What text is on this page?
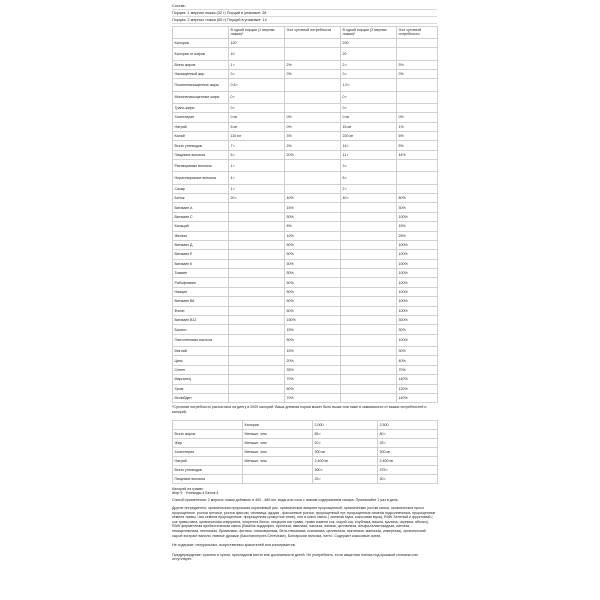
Состав:
Порция: 1 мерная ложка (32 г) Порций в упаковке: 28
Порция: 2 мерных ложки (65 г) Порций в упаковке: 14
	В одной порции (1 мерная ложка)*	%от суточной потребности	В одной порции (2 мерных ложки)*	%от суточной потребности
Калории	120		230	
Калории от жиров	10		20	
Всего жиров	1 г	2%	2 г	3%
Насыщенный жир	0 г	0%	0 г	0%
Полиненасыщенные жиры	0,5 г		1,5 г	
Мононенасыщенные жиры	0 г		0 г	
Транс-жиры	0 г		0 г	
Холестерин	0 мг	0%	0 мг	0%
Натрий	5 мг	0%	15 мг	1%
Калий	110 мг	3%	220 мг	6%
Всего углеводов	7 г	2%	14 г	5%
Пищевые волокна	5 г	20%	11 г	44%
Растворимые волокна	1 г		3 г	
Нерастворимые волокна	4 г		8 г	
Сахар	1 г		2 г	
Белок	20 г	40%	40 г	80%
Витамин А		15%		30%
Витамин С		50%		100%
Кальций		8%		15%
Железо		10%		25%
Витамин Д		50%		100%
Витамин Е		50%		100%
Витамин К		50%		100%
Тиамин		50%		100%
Рибофлавин		50%		100%
Ниацин		50%		100%
Витамин В6		50%		100%
Фолат		50%		100%
Витамин В12		150%		300%
Биотин		15%		30%
Пантотеновая кислота		50%		100%
Магний		15%		30%
Цинк		20%		40%
Селен		35%		70%
Марганец		70%		140%
Хром		60%		120%
Молибден		70%		140%
*Суточная потребность рассчитана на диету в 2000 калорий. Ваша дневная норма может быть выше или ниже в зависимости от ваших потребностей и калорий.
	Калории	2,000	2,500
Всего жиров	Меньше, чем	65 г	80 г
Жир	Меньше, чем	20 г	25 г
Холестерин	Меньше, чем	300 мг	300 мг
Натрий	Меньше, чем	2,400 мг	2,400 мг
Всего углеводов		300 г	375 г
Пищевые волокна		25 г	30 г
Калорий на грамм:
Жир 9 · Углеводы 4 Белок 4
Способ применения: 2 мерных ложки добавить в 400 - 480 мл. воды или сока с низким содержанием сахара. Принимайте 1 раз в день.
Другие ингредиенты: органическая проросшая коричневый рис, органические амарант пророщенный, органические ростки киноа, органическое просо пророщенное, ростки гречихи, ростки фасоли, чечевица, адзуки - фасолевые ростки, пророщенный нут, пророщенные семена подсолнечника, пророщенные семена тыквы, Чиа семена пророщенные, пророщенная кунжутное семя), лен и кокос смесь ( льняная мука, кокосовая мука), RAW Зеленый и фруктовый ( сок травы овса, органическая спирулина, хлорелла белок, люцерна сок травы, трава ячменя сок, сырой сок, клубника, вишня, малина, черника, яблоко), RAW ферментная пробиотическая смесь (Bacillus ацидофил, протеаза, амилаза, лактаза, липаза, целлюлаза, альфа-галактозидаза, лигназа, гемицеллюлаза, пектиназа, бромелаин, фитаза, глюкоамилаза, бета-глюканаза, ксиланаза, целлюлаза, пектиназа, мальтаза, инвертаза), органический сырой экстракт ванили, пивные дрожжи (Saccharomyces Cerevisiae), Болгарская палочка, натто. Содержит кокосовые орехи.
Не содержит: натуральных, искусственных красителей или консервантов.
Предупреждение: хранить в сухом, прохладном месте вне досягаемости детей. Не употреблять, если защитная пленка под крышкой сломана или отсутствует.
